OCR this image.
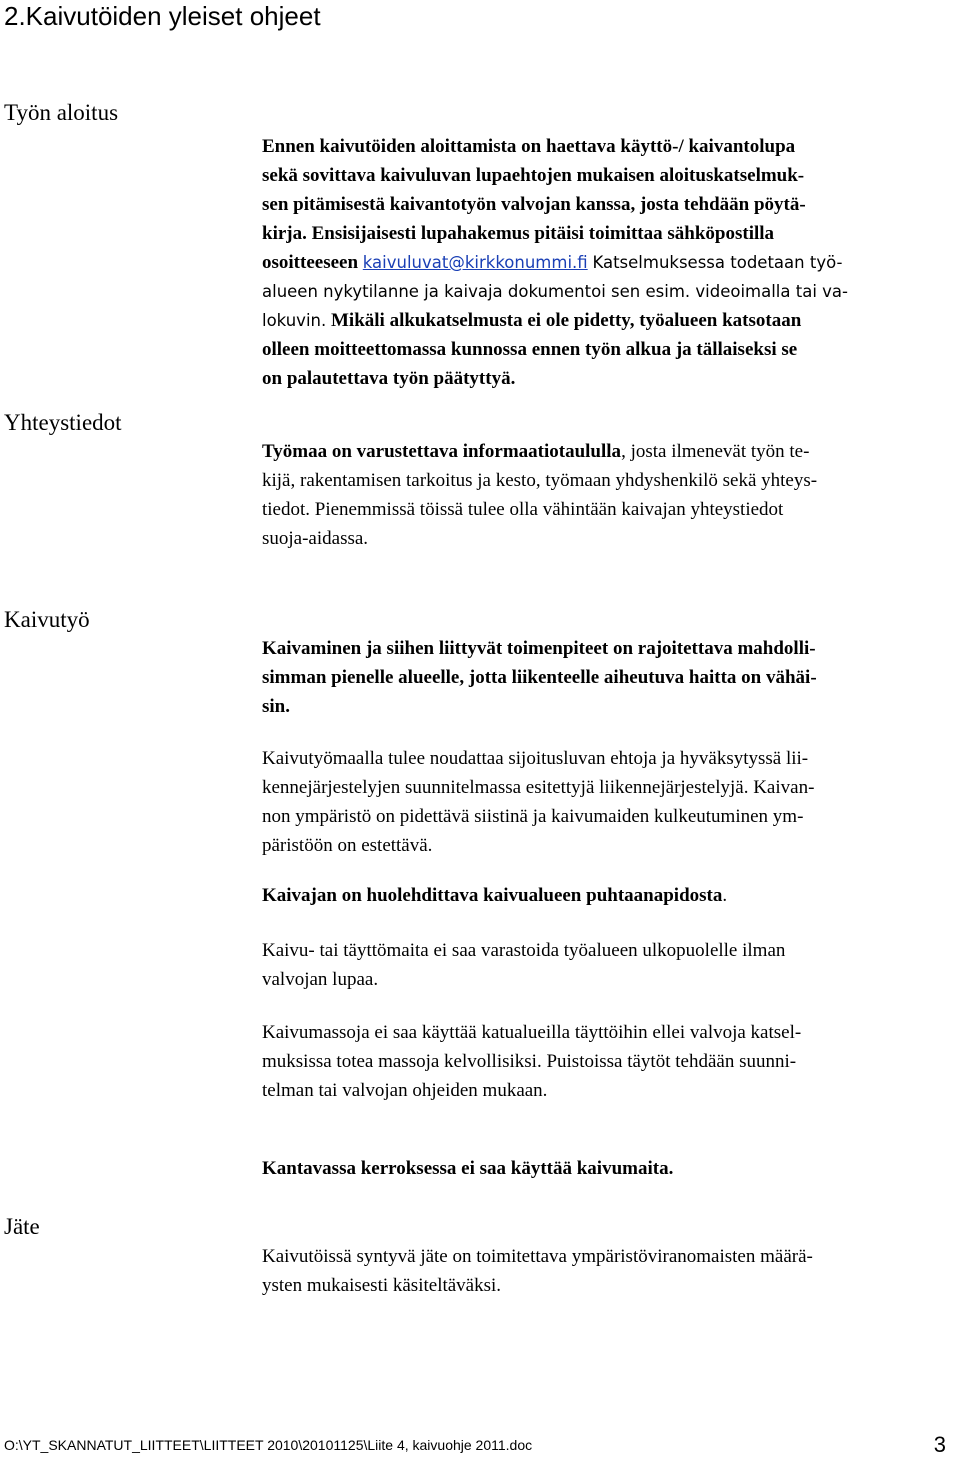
2.Kaivutöiden yleiset ohjeet
Työn aloitus
Ennen kaivutöiden aloittamista on haettava käyttö-/ kaivantolupa
sekä sovittava kaivuluvan lupaehtojen mukaisen aloituskatselmuk-
sen pitämisestä kaivantotyön valvojan kanssa, josta tehdään pöytä-
kirja. Ensisijaisesti lupahakemus pitäisi toimittaa sähköpostilla
osoitteeseen kaivuluvat@kirkkonummi.fi Katselmuksessa todetaan työ-
alueen nykytilanne ja kaivaja dokumentoi sen esim. videoimalla tai va-
lokuvin. Mikäli alkukatselmusta ei ole pidetty, työalueen katsotaan
olleen moitteettomassa kunnossa ennen työn alkua ja tällaiseksi se
on palautettava työn päätyttyä.
Yhteystiedot
Työmaa on varustettava informaatiotaululla, josta ilmenevät työn te-
kijä, rakentamisen tarkoitus ja kesto, työmaan yhdyshenkilö sekä yhteys-
tiedot. Pienemmissä töissä tulee olla vähintään kaivajan yhteystiedot
suoja-aidassa.
Kaivutyö
Kaivaminen ja siihen liittyvät toimenpiteet on rajoitettava mahdolli-
simman pienelle alueelle, jotta liikenteelle aiheutuva haitta on vähäi-
sin.
Kaivutyömaalla tulee noudattaa sijoitusluvan ehtoja ja hyväksytyssä lii-
kennejärjestelyjen suunnitelmassa esitettyjä liikennejärjestelyjä. Kaivan-
non ympäristö on pidettävä siistinä ja kaivumaiden kulkeutuminen ym-
päristöön on estettävä.
Kaivajan on huolehdittava kaivualueen puhtaanapidosta.
Kaivu- tai täyttömaita ei saa varastoida työalueen ulkopuolelle ilman
valvojan lupaa.
Kaivumassoja ei saa käyttää katualueilla täyttöihin ellei valvoja katsel-
muksissa totea massoja kelvollisiksi. Puistoissa täytöt tehdään suunni-
telman tai valvojan ohjeiden mukaan.
Kantavassa kerroksessa ei saa käyttää kaivumaita.
Jäte
Kaivutöissä syntyvä jäte on toimitettava ympäristöviranomaisten määrä-
ysten mukaisesti käsiteltäväksi.
O:\YT_SKANNATUT_LIITTEET\LIITTEET 2010\20101125\Liite 4, kaivuohje 2011.doc	3
